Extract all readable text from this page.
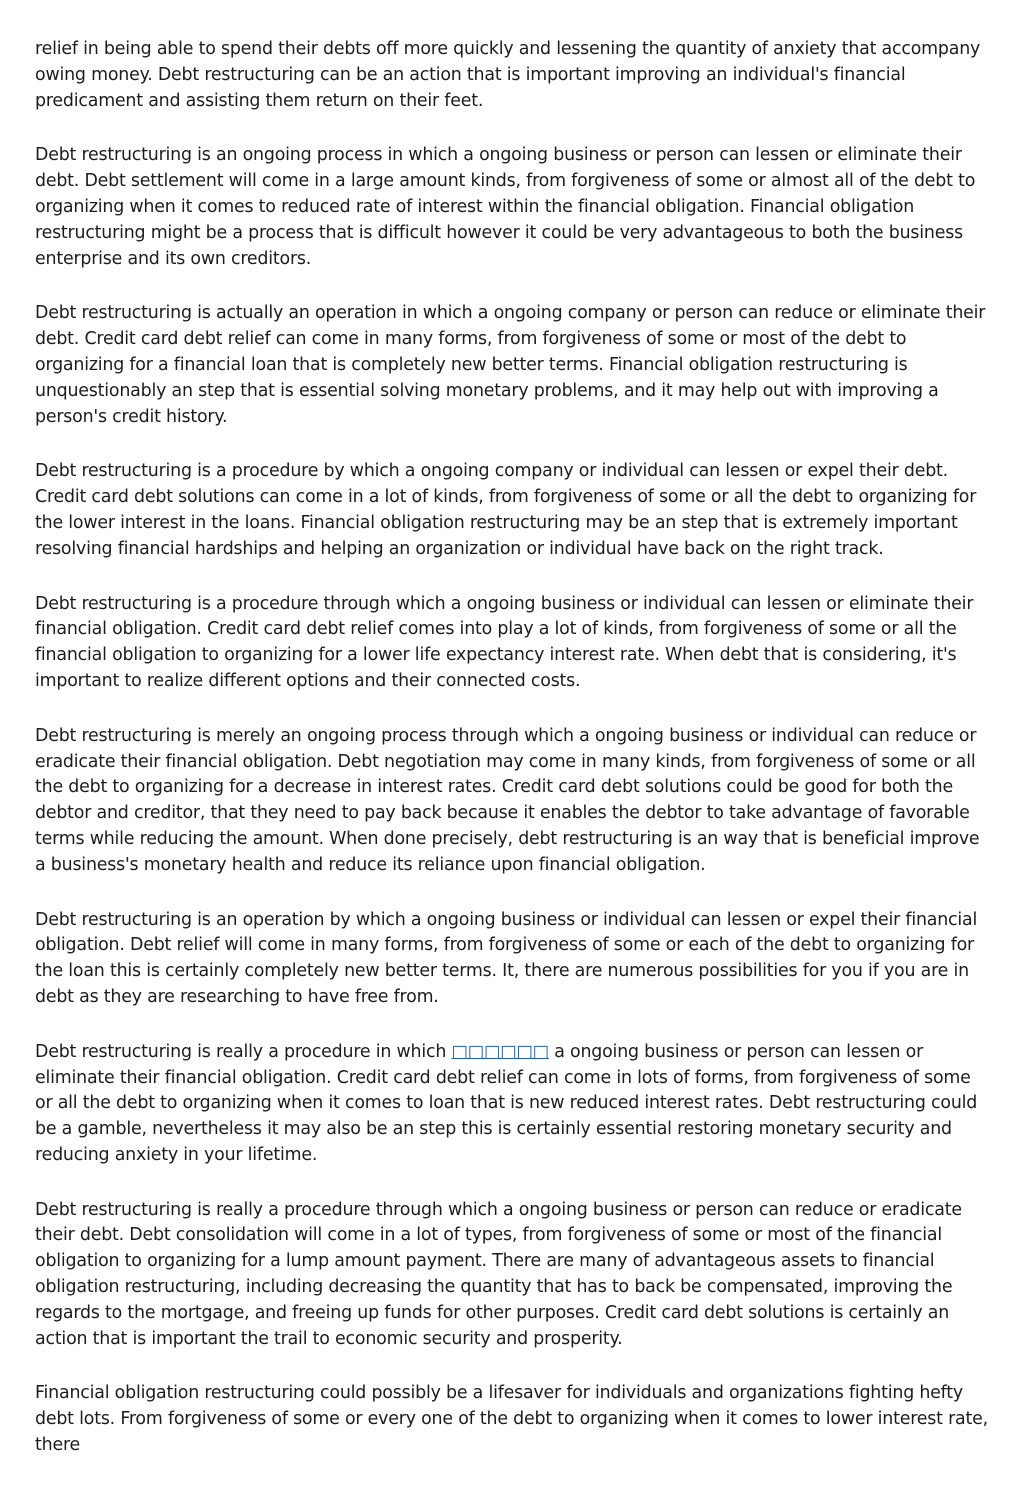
relief in being able to spend their debts off more quickly and lessening the quantity of anxiety that accompany owing money. Debt restructuring can be an action that is important improving an individual's financial predicament and assisting them return on their feet.

Debt restructuring is an ongoing process in which a ongoing business or person can lessen or eliminate their debt. Debt settlement will come in a large amount kinds, from forgiveness of some or almost all of the debt to organizing when it comes to reduced rate of interest within the financial obligation. Financial obligation restructuring might be a process that is difficult however it could be very advantageous to both the business enterprise and its own creditors.

Debt restructuring is actually an operation in which a ongoing company or person can reduce or eliminate their debt. Credit card debt relief can come in many forms, from forgiveness of some or most of the debt to organizing for a financial loan that is completely new better terms. Financial obligation restructuring is unquestionably an step that is essential solving monetary problems, and it may help out with improving a person's credit history.

Debt restructuring is a procedure by which a ongoing company or individual can lessen or expel their debt. Credit card debt solutions can come in a lot of kinds, from forgiveness of some or all the debt to organizing for the lower interest in the loans. Financial obligation restructuring may be an step that is extremely important resolving financial hardships and helping an organization or individual have back on the right track.

Debt restructuring is a procedure through which a ongoing business or individual can lessen or eliminate their financial obligation. Credit card debt relief comes into play a lot of kinds, from forgiveness of some or all the financial obligation to organizing for a lower life expectancy interest rate. When debt that is considering, it's important to realize different options and their connected costs.

Debt restructuring is merely an ongoing process through which a ongoing business or individual can reduce or eradicate their financial obligation. Debt negotiation may come in many kinds, from forgiveness of some or all the debt to organizing for a decrease in interest rates. Credit card debt solutions could be good for both the debtor and creditor, that they need to pay back because it enables the debtor to take advantage of favorable terms while reducing the amount. When done precisely, debt restructuring is an way that is beneficial improve a business's monetary health and reduce its reliance upon financial obligation.

Debt restructuring is an operation by which a ongoing business or individual can lessen or expel their financial obligation. Debt relief will come in many forms, from forgiveness of some or each of the debt to organizing for the loan this is certainly completely new better terms. It, there are numerous possibilities for you if you are in debt as they are researching to have free from.

Debt restructuring is really a procedure in which □□□□□□ a ongoing business or person can lessen or eliminate their financial obligation. Credit card debt relief can come in lots of forms, from forgiveness of some or all the debt to organizing when it comes to loan that is new reduced interest rates. Debt restructuring could be a gamble, nevertheless it may also be an step this is certainly essential restoring monetary security and reducing anxiety in your lifetime.

Debt restructuring is really a procedure through which a ongoing business or person can reduce or eradicate their debt. Debt consolidation will come in a lot of types, from forgiveness of some or most of the financial obligation to organizing for a lump amount payment. There are many of advantageous assets to financial obligation restructuring, including decreasing the quantity that has to back be compensated, improving the regards to the mortgage, and freeing up funds for other purposes. Credit card debt solutions is certainly an action that is important the trail to economic security and prosperity.

Financial obligation restructuring could possibly be a lifesaver for individuals and organizations fighting hefty debt lots. From forgiveness of some or every one of the debt to organizing when it comes to lower interest rate, there
